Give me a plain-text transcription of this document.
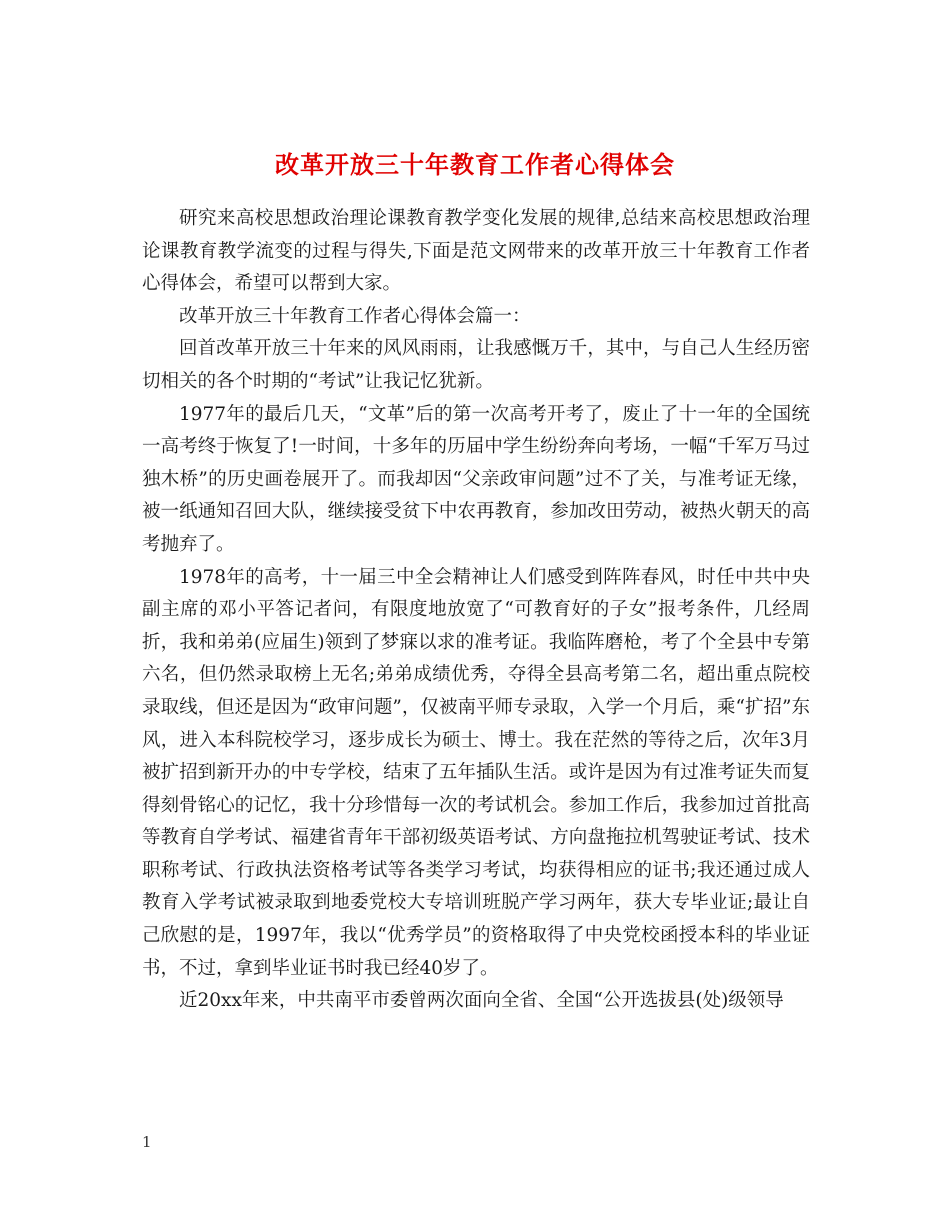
改革开放三十年教育工作者心得体会

研究来高校思想政治理论课教育教学变化发展的规律,总结来高校思想政治理论课教育教学流变的过程与得失,下面是范文网带来的改革开放三十年教育工作者心得体会，希望可以帮到大家。

改革开放三十年教育工作者心得体会篇一：

回首改革开放三十年来的风风雨雨，让我感慨万千，其中，与自己人生经历密切相关的各个时期的“考试”让我记忆犹新。

1977年的最后几天，“文革”后的第一次高考开考了，废止了十一年的全国统一高考终于恢复了!一时间，十多年的历届中学生纷纷奔向考场，一幅“千军万马过独木桥”的历史画卷展开了。而我却因“父亲政审问题”过不了关，与准考证无缘，被一纸通知召回大队，继续接受贫下中农再教育，参加改田劳动，被热火朝天的高考抛弃了。

1978年的高考，十一届三中全会精神让人们感受到阵阵春风，时任中共中央副主席的邓小平答记者问，有限度地放宽了“可教育好的子女”报考条件，几经周折，我和弟弟(应届生)领到了梦寐以求的准考证。我临阵磨枪，考了个全县中专第六名，但仍然录取榜上无名;弟弟成绩优秀，夺得全县高考第二名，超出重点院校录取线，但还是因为“政审问题”，仅被南平师专录取，入学一个月后，乘“扩招”东风，进入本科院校学习，逐步成长为硕士、博士。我在茫然的等待之后，次年3月被扩招到新开办的中专学校，结束了五年插队生活。或许是因为有过准考证失而复得刻骨铭心的记忆，我十分珍惜每一次的考试机会。参加工作后，我参加过首批高等教育自学考试、福建省青年干部初级英语考试、方向盘拖拉机驾驶证考试、技术职称考试、行政执法资格考试等各类学习考试，均获得相应的证书;我还通过成人教育入学考试被录取到地委党校大专培训班脱产学习两年，获大专毕业证;最让自己欣慰的是，1997年，我以“优秀学员”的资格取得了中央党校函授本科的毕业证书，不过，拿到毕业证书时我已经40岁了。

近20xx年来，中共南平市委曾两次面向全省、全国“公开选拔县(处)级领导

1
